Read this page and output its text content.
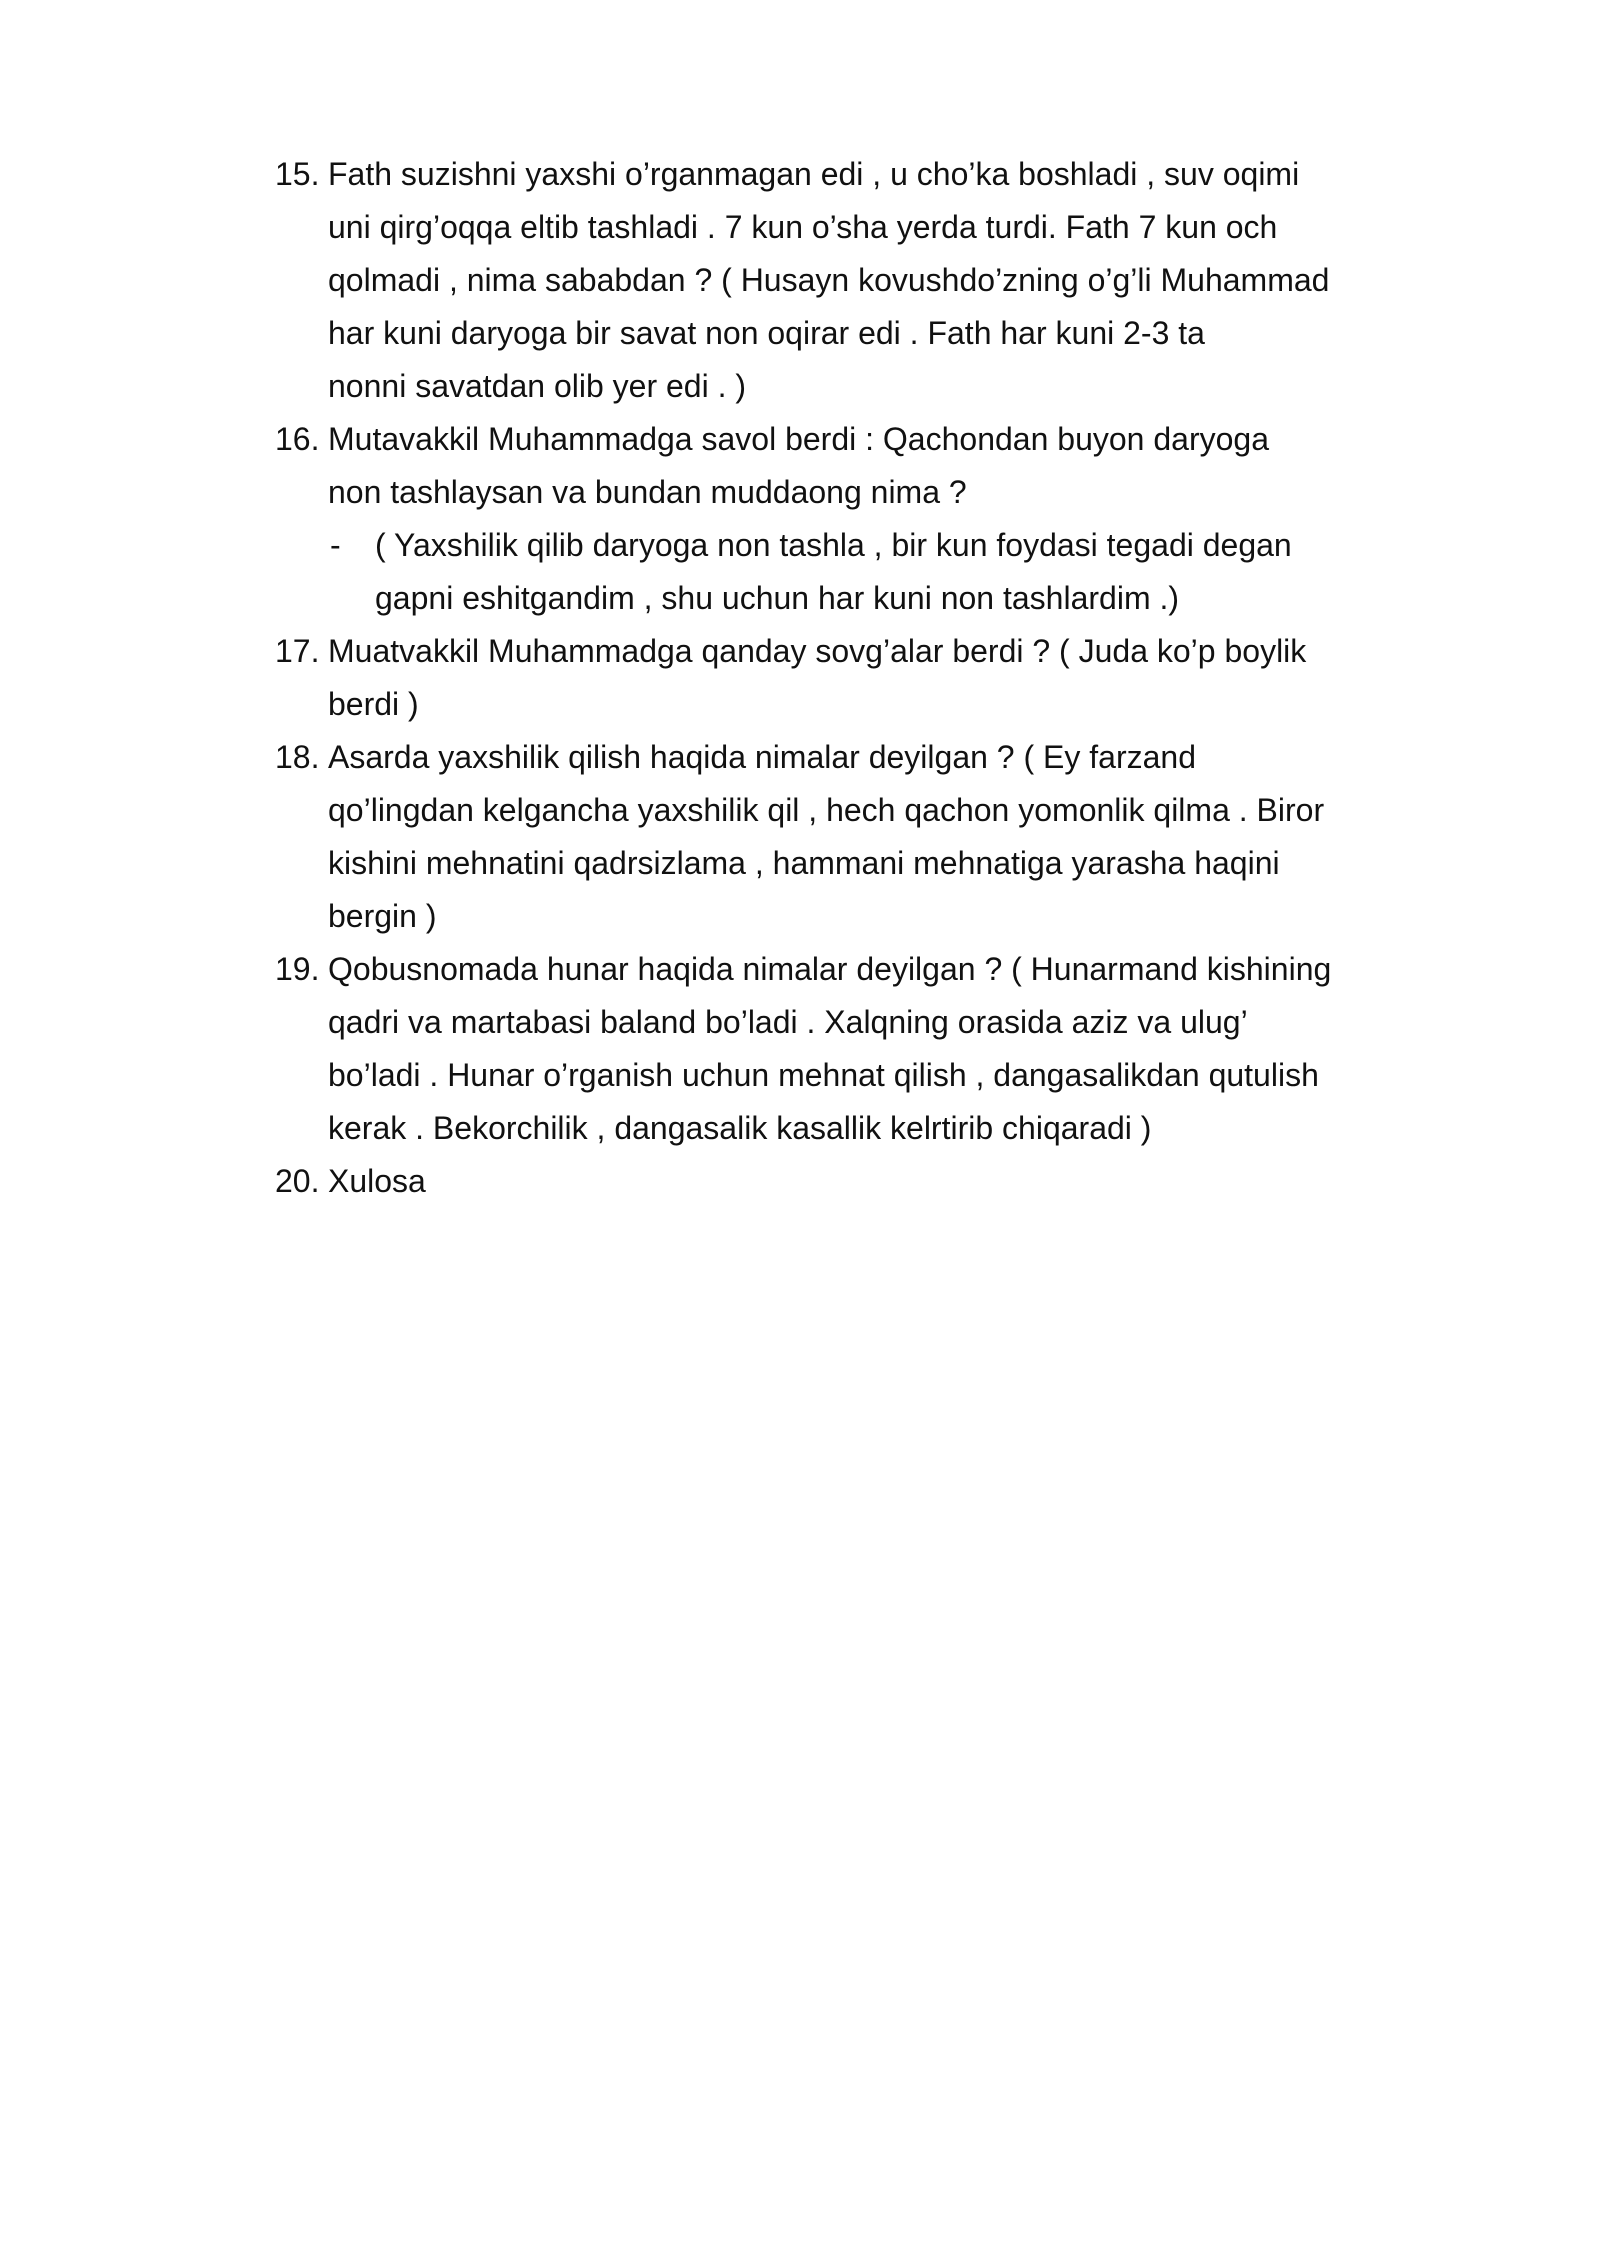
15. Fath suzishni yaxshi o’rganmagan edi , u cho’ka boshladi , suv oqimi
uni qirg’oqqa eltib tashladi . 7 kun o’sha yerda turdi. Fath 7 kun och
qolmadi , nima sababdan ? ( Husayn kovushdo’zning o’g’li Muhammad
har kuni daryoga bir savat non oqirar edi . Fath har kuni 2-3 ta
nonni savatdan olib yer edi . )
16. Mutavakkil Muhammadga savol berdi : Qachondan buyon daryoga
non tashlaysan va bundan muddaong nima ?
- ( Yaxshilik qilib daryoga non tashla , bir kun foydasi tegadi degan
gapni eshitgandim , shu uchun har kuni non tashlardim .)
17. Muatvakkil Muhammadga qanday sovg’alar berdi ? ( Juda ko’p boylik
berdi )
18. Asarda yaxshilik qilish haqida nimalar deyilgan ? ( Ey farzand
qo’lingdan kelgancha yaxshilik qil , hech qachon yomonlik qilma . Biror
kishini mehnatini qadrsizlama , hammani mehnatiga yarasha haqini
bergin )
19. Qobusnomada hunar haqida nimalar deyilgan ? ( Hunarmand kishining
qadri va martabasi baland bo’ladi . Xalqning orasida aziz va ulug’
bo’ladi . Hunar o’rganish uchun mehnat qilish , dangasalikdan qutulish
kerak . Bekorchilik , dangasalik kasallik kelrtirib chiqaradi )
20. Xulosa
